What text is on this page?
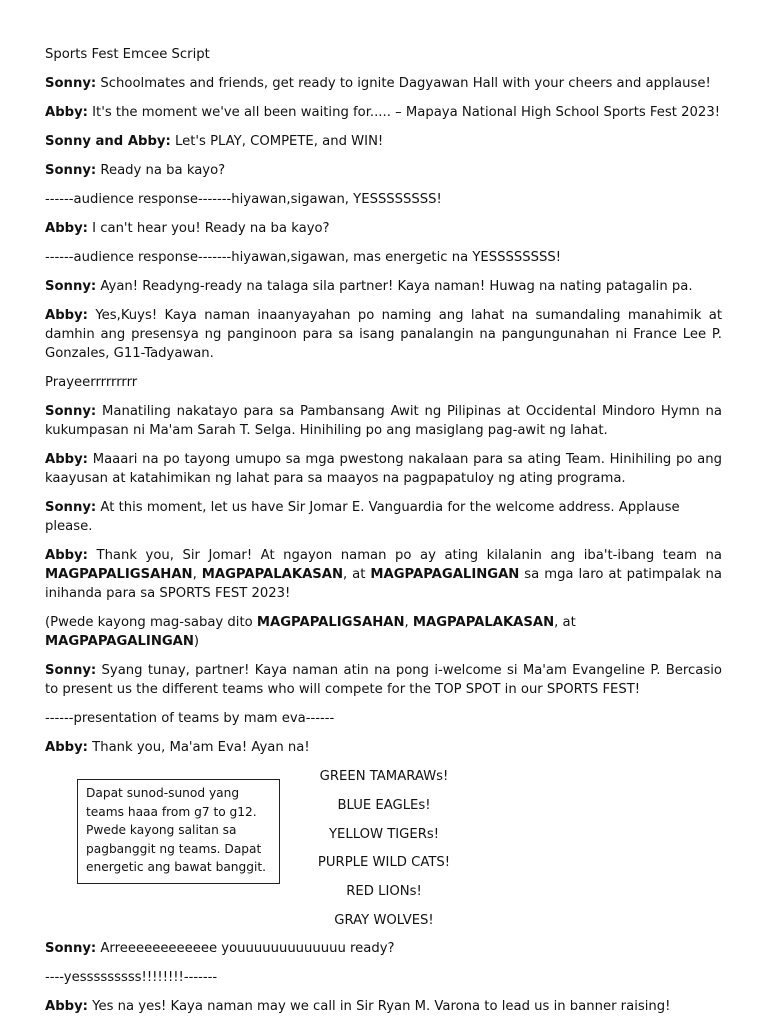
Sports Fest Emcee Script

Sonny: Schoolmates and friends, get ready to ignite Dagyawan Hall with your cheers and applause!

Abby: It's the moment we've all been waiting for..... – Mapaya National High School Sports Fest 2023!

Sonny and Abby: Let's PLAY, COMPETE, and WIN!

Sonny: Ready na ba kayo?

------audience response-------hiyawan,sigawan, YESSSSSSSS!

Abby: I can't hear you! Ready na ba kayo?

------audience response-------hiyawan,sigawan, mas energetic na YESSSSSSSS!

Sonny: Ayan! Readyng-ready na talaga sila partner! Kaya naman! Huwag na nating patagalin pa.

Abby: Yes,Kuys! Kaya naman inaanyayahan po naming ang lahat na sumandaling manahimik at damhin ang presensya ng panginoon para sa isang panalangin na pangungunahan ni France Lee P. Gonzales, G11-Tadyawan.

Prayeerrrrrrrrr

Sonny: Manatiling nakatayo para sa Pambansang Awit ng Pilipinas at Occidental Mindoro Hymn na kukumpasan ni Ma'am Sarah T. Selga. Hinihiling po ang masiglang pag-awit ng lahat.

Abby: Maaari na po tayong umupo sa mga pwestong nakalaan para sa ating Team. Hinihiling po ang kaayusan at katahimikan ng lahat para sa maayos na pagpapatuloy ng ating programa.

Sonny: At this moment, let us have Sir Jomar E. Vanguardia for the welcome address. Applause please.

Abby: Thank you, Sir Jomar! At ngayon naman po ay ating kilalanin ang iba't-ibang team na MAGPAPALIGSAHAN, MAGPAPALAKASAN, at MAGPAPAGALINGAN sa mga laro at patimpalak na inihanda para sa SPORTS FEST 2023!

(Pwede kayong mag-sabay dito MAGPAPALIGSAHAN, MAGPAPALAKASAN, at MAGPAPAGALINGAN)

Sonny: Syang tunay, partner! Kaya naman atin na pong i-welcome si Ma'am Evangeline P. Bercasio to present us the different teams who will compete for the TOP SPOT in our SPORTS FEST!

------presentation of teams by mam eva------

Abby: Thank you, Ma'am Eva! Ayan na!

Dapat sunod-sunod yang teams haaa from g7 to g12. Pwede kayong salitan sa pagbanggit ng teams. Dapat energetic ang bawat banggit.
GREEN TAMARAWs!
BLUE EAGLEs!
YELLOW TIGERs!
PURPLE WILD CATS!
RED LIONs!
GRAY WOLVES!

Sonny: Arreeeeeeeeeeee youuuuuuuuuuuuu ready?

----yesssssssss!!!!!!!!-------

Abby: Yes na yes! Kaya naman may we call in Sir Ryan M. Varona to lead us in banner raising!
